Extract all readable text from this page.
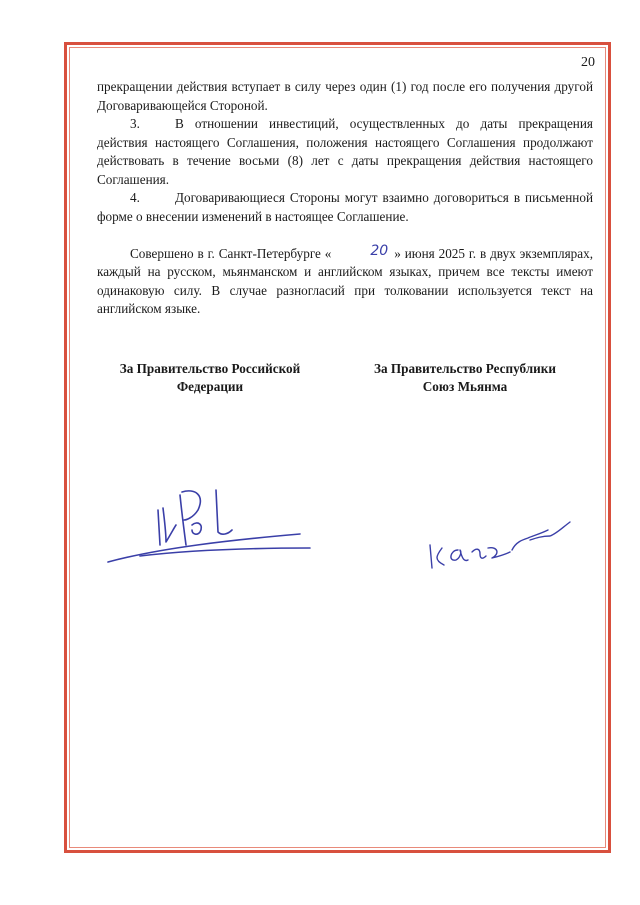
20

прекращении действия вступает в силу через один (1) год после его получения другой Договаривающейся Стороной.

3.	В отношении инвестиций, осуществленных до даты прекращения действия настоящего Соглашения, положения настоящего Соглашения продолжают действовать в течение восьми (8) лет с даты прекращения действия настоящего Соглашения.

4.	Договаривающиеся Стороны могут взаимно договориться в письменной форме о внесении изменений в настоящее Соглашение.

Совершено в г. Санкт-Петербурге «	20 » июня 2025 г. в двух экземплярах, каждый на русском, мьянманском и английском языках, причем все тексты имеют одинаковую силу. В случае разногласий при толковании используется текст на английском языке.

За Правительство Российской
Федерации
За Правительство Республики
Союз Мьянма
